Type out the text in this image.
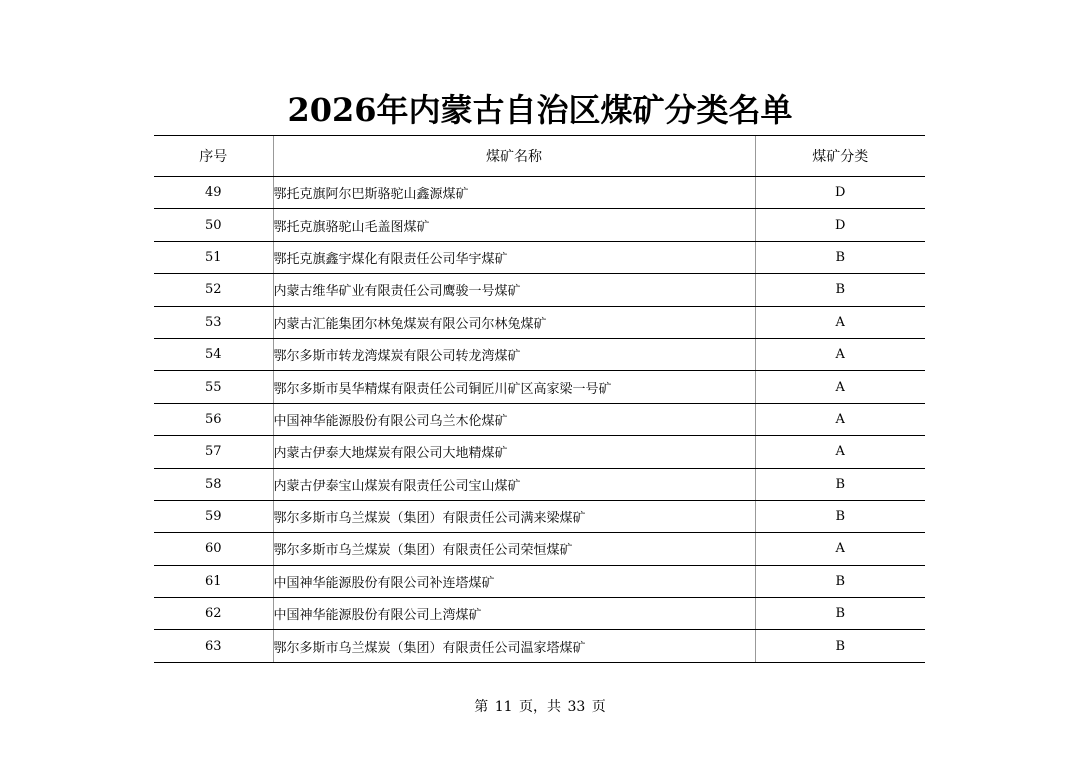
2026年内蒙古自治区煤矿分类名单
序号	煤矿名称	煤矿分类
49	鄂托克旗阿尔巴斯骆驼山鑫源煤矿	D
50	鄂托克旗骆驼山毛盖图煤矿	D
51	鄂托克旗鑫宇煤化有限责任公司华宇煤矿	B
52	内蒙古维华矿业有限责任公司鹰骏一号煤矿	B
53	内蒙古汇能集团尔林兔煤炭有限公司尔林兔煤矿	A
54	鄂尔多斯市转龙湾煤炭有限公司转龙湾煤矿	A
55	鄂尔多斯市昊华精煤有限责任公司铜匠川矿区高家梁一号矿	A
56	中国神华能源股份有限公司乌兰木伦煤矿	A
57	内蒙古伊泰大地煤炭有限公司大地精煤矿	A
58	内蒙古伊泰宝山煤炭有限责任公司宝山煤矿	B
59	鄂尔多斯市乌兰煤炭（集团）有限责任公司满来梁煤矿	B
60	鄂尔多斯市乌兰煤炭（集团）有限责任公司荣恒煤矿	A
61	中国神华能源股份有限公司补连塔煤矿	B
62	中国神华能源股份有限公司上湾煤矿	B
63	鄂尔多斯市乌兰煤炭（集团）有限责任公司温家塔煤矿	B
第 11 页，共 33 页
